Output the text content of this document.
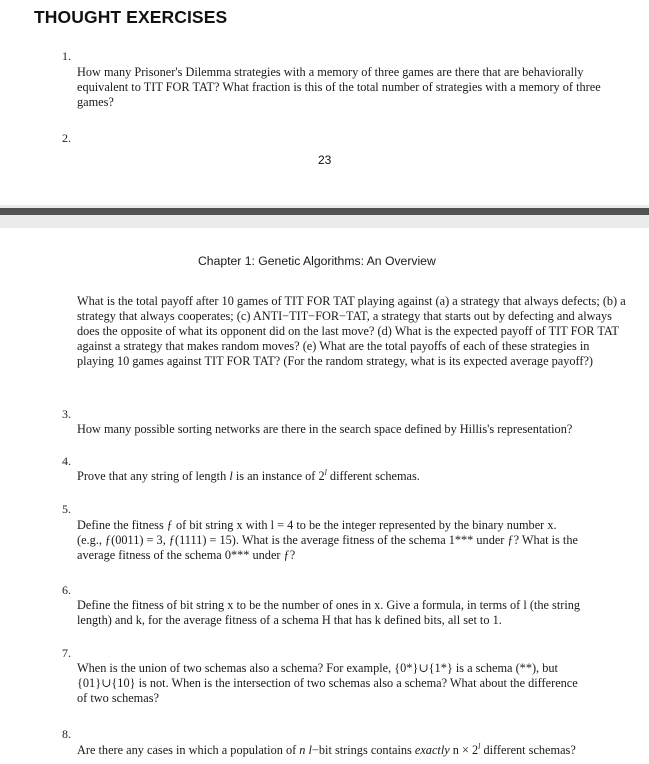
THOUGHT EXERCISES
1.

How many Prisoner's Dilemma strategies with a memory of three games are there that are behaviorally equivalent to TIT FOR TAT? What fraction is this of the total number of strategies with a memory of three games?

2.
23
Chapter 1: Genetic Algorithms: An Overview

What is the total payoff after 10 games of TIT FOR TAT playing against (a) a strategy that always defects; (b) a strategy that always cooperates; (c) ANTI−TIT−FOR−TAT, a strategy that starts out by defecting and always does the opposite of what its opponent did on the last move? (d) What is the expected payoff of TIT FOR TAT against a strategy that makes random moves? (e) What are the total payoffs of each of these strategies in playing 10 games against TIT FOR TAT? (For the random strategy, what is its expected average payoff?)

3.

How many possible sorting networks are there in the search space defined by Hillis's representation?

4.

Prove that any string of length l is an instance of 2$^l$ different schemas.

5.

Define the fitness ƒ of bit string x with l = 4 to be the integer represented by the binary number x.
(e.g., ƒ(0011) = 3, ƒ(1111) = 15). What is the average fitness of the schema 1*** under ƒ? What is the
average fitness of the schema 0*** under ƒ?

6.

Define the fitness of bit string x to be the number of ones in x. Give a formula, in terms of l (the string
length) and k, for the average fitness of a schema H that has k defined bits, all set to 1.

7.

When is the union of two schemas also a schema? For example, {0*}∪{1*} is a schema (**), but
{01}∪{10} is not. When is the intersection of two schemas also a schema? What about the difference
of two schemas?

8.

Are there any cases in which a population of n l−bit strings contains exactly $n \times 2^l$ different schemas?
